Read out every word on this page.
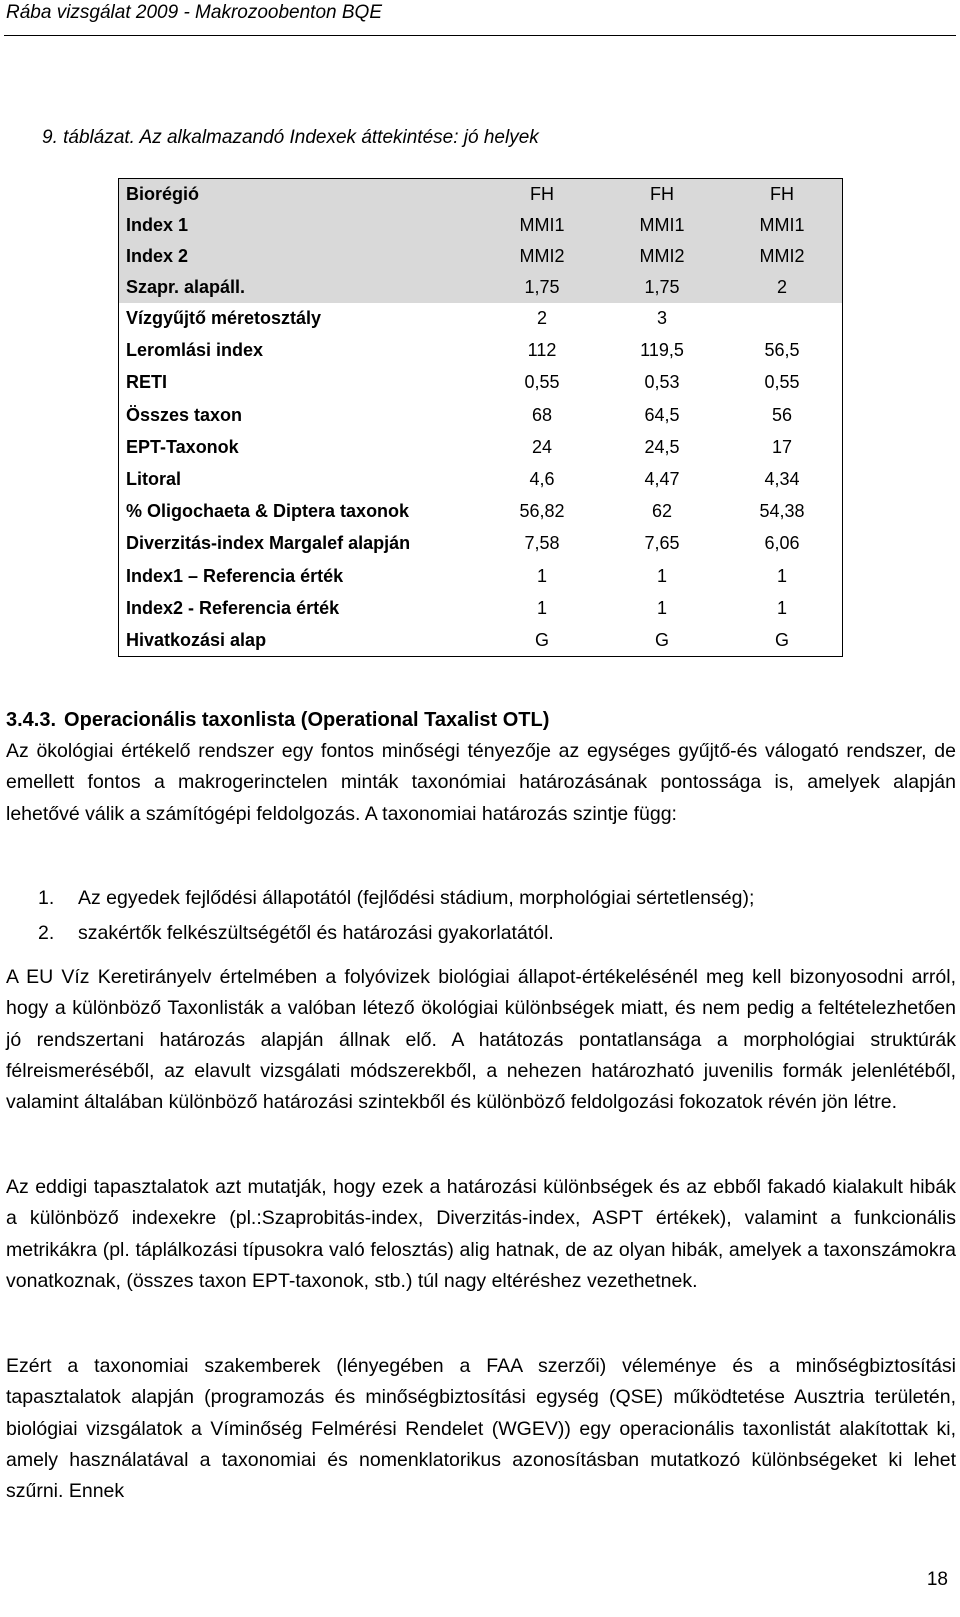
Rába vizsgálat 2009 - Makrozoobenton BQE
9. táblázat. Az alkalmazandó Indexek áttekintése: jó helyek
Biorégió	FH	FH	FH
Index 1	MMI1	MMI1	MMI1
Index 2	MMI2	MMI2	MMI2
Szapr. alapáll.	1,75	1,75	2
Vízgyűjtő méretosztály	2	3	
Leromlási index	112	119,5	56,5
RETI	0,55	0,53	0,55
Összes taxon	68	64,5	56
EPT-Taxonok	24	24,5	17
Litoral	4,6	4,47	4,34
% Oligochaeta & Diptera taxonok	56,82	62	54,38
Diverzitás-index Margalef alapján	7,58	7,65	6,06
Index1 – Referencia érték	1	1	1
Index2 - Referencia érték	1	1	1
Hivatkozási alap	G	G	G
3.4.3. Operacionális taxonlista (Operational Taxalist OTL)
Az ökológiai értékelő rendszer egy fontos minőségi tényezője az egységes gyűjtő-és válogató rendszer, de emellett fontos a makrogerinctelen minták taxonómiai határozásának pontossága is, amelyek alapján lehetővé válik a számítógépi feldolgozás. A taxonomiai határozás szintje függ:
1. Az egyedek fejlődési állapotától (fejlődési stádium, morphológiai sértetlenség);
2. szakértők felkészültségétől és határozási gyakorlatától.
A EU Víz Keretirányelv értelmében a folyóvizek biológiai állapot-értékelésénél meg kell bizonyosodni arról, hogy a különböző Taxonlisták a valóban létező ökológiai különbségek miatt, és nem pedig a feltételezhetően jó rendszertani határozás alapján állnak elő. A hatátozás pontatlansága a morphológiai struktúrák félreismeréséből, az elavult vizsgálati módszerekből, a nehezen határozható juvenilis formák jelenlétéből, valamint általában különböző határozási szintekből és különböző feldolgozási fokozatok révén jön létre.
Az eddigi tapasztalatok azt mutatják, hogy ezek a határozási különbségek és az ebből fakadó kialakult hibák a különböző indexekre (pl.:Szaprobitás-index, Diverzitás-index, ASPT értékek), valamint a funkcionális metrikákra (pl. táplálkozási típusokra való felosztás) alig hatnak, de az olyan hibák, amelyek a taxonszámokra vonatkoznak, (összes taxon EPT-taxonok, stb.) túl nagy eltéréshez vezethetnek.
Ezért a taxonomiai szakemberek (lényegében a FAA szerzői) véleménye és a minőségbiztosítási tapasztalatok alapján (programozás és minőségbiztosítási egység (QSE) működtetése Ausztria területén, biológiai vizsgálatok a Víminőség Felmérési Rendelet (WGEV)) egy operacionális taxonlistát alakítottak ki, amely használatával a taxonomiai és nomenklatorikus azonosításban mutatkozó különbségeket ki lehet szűrni. Ennek
18
